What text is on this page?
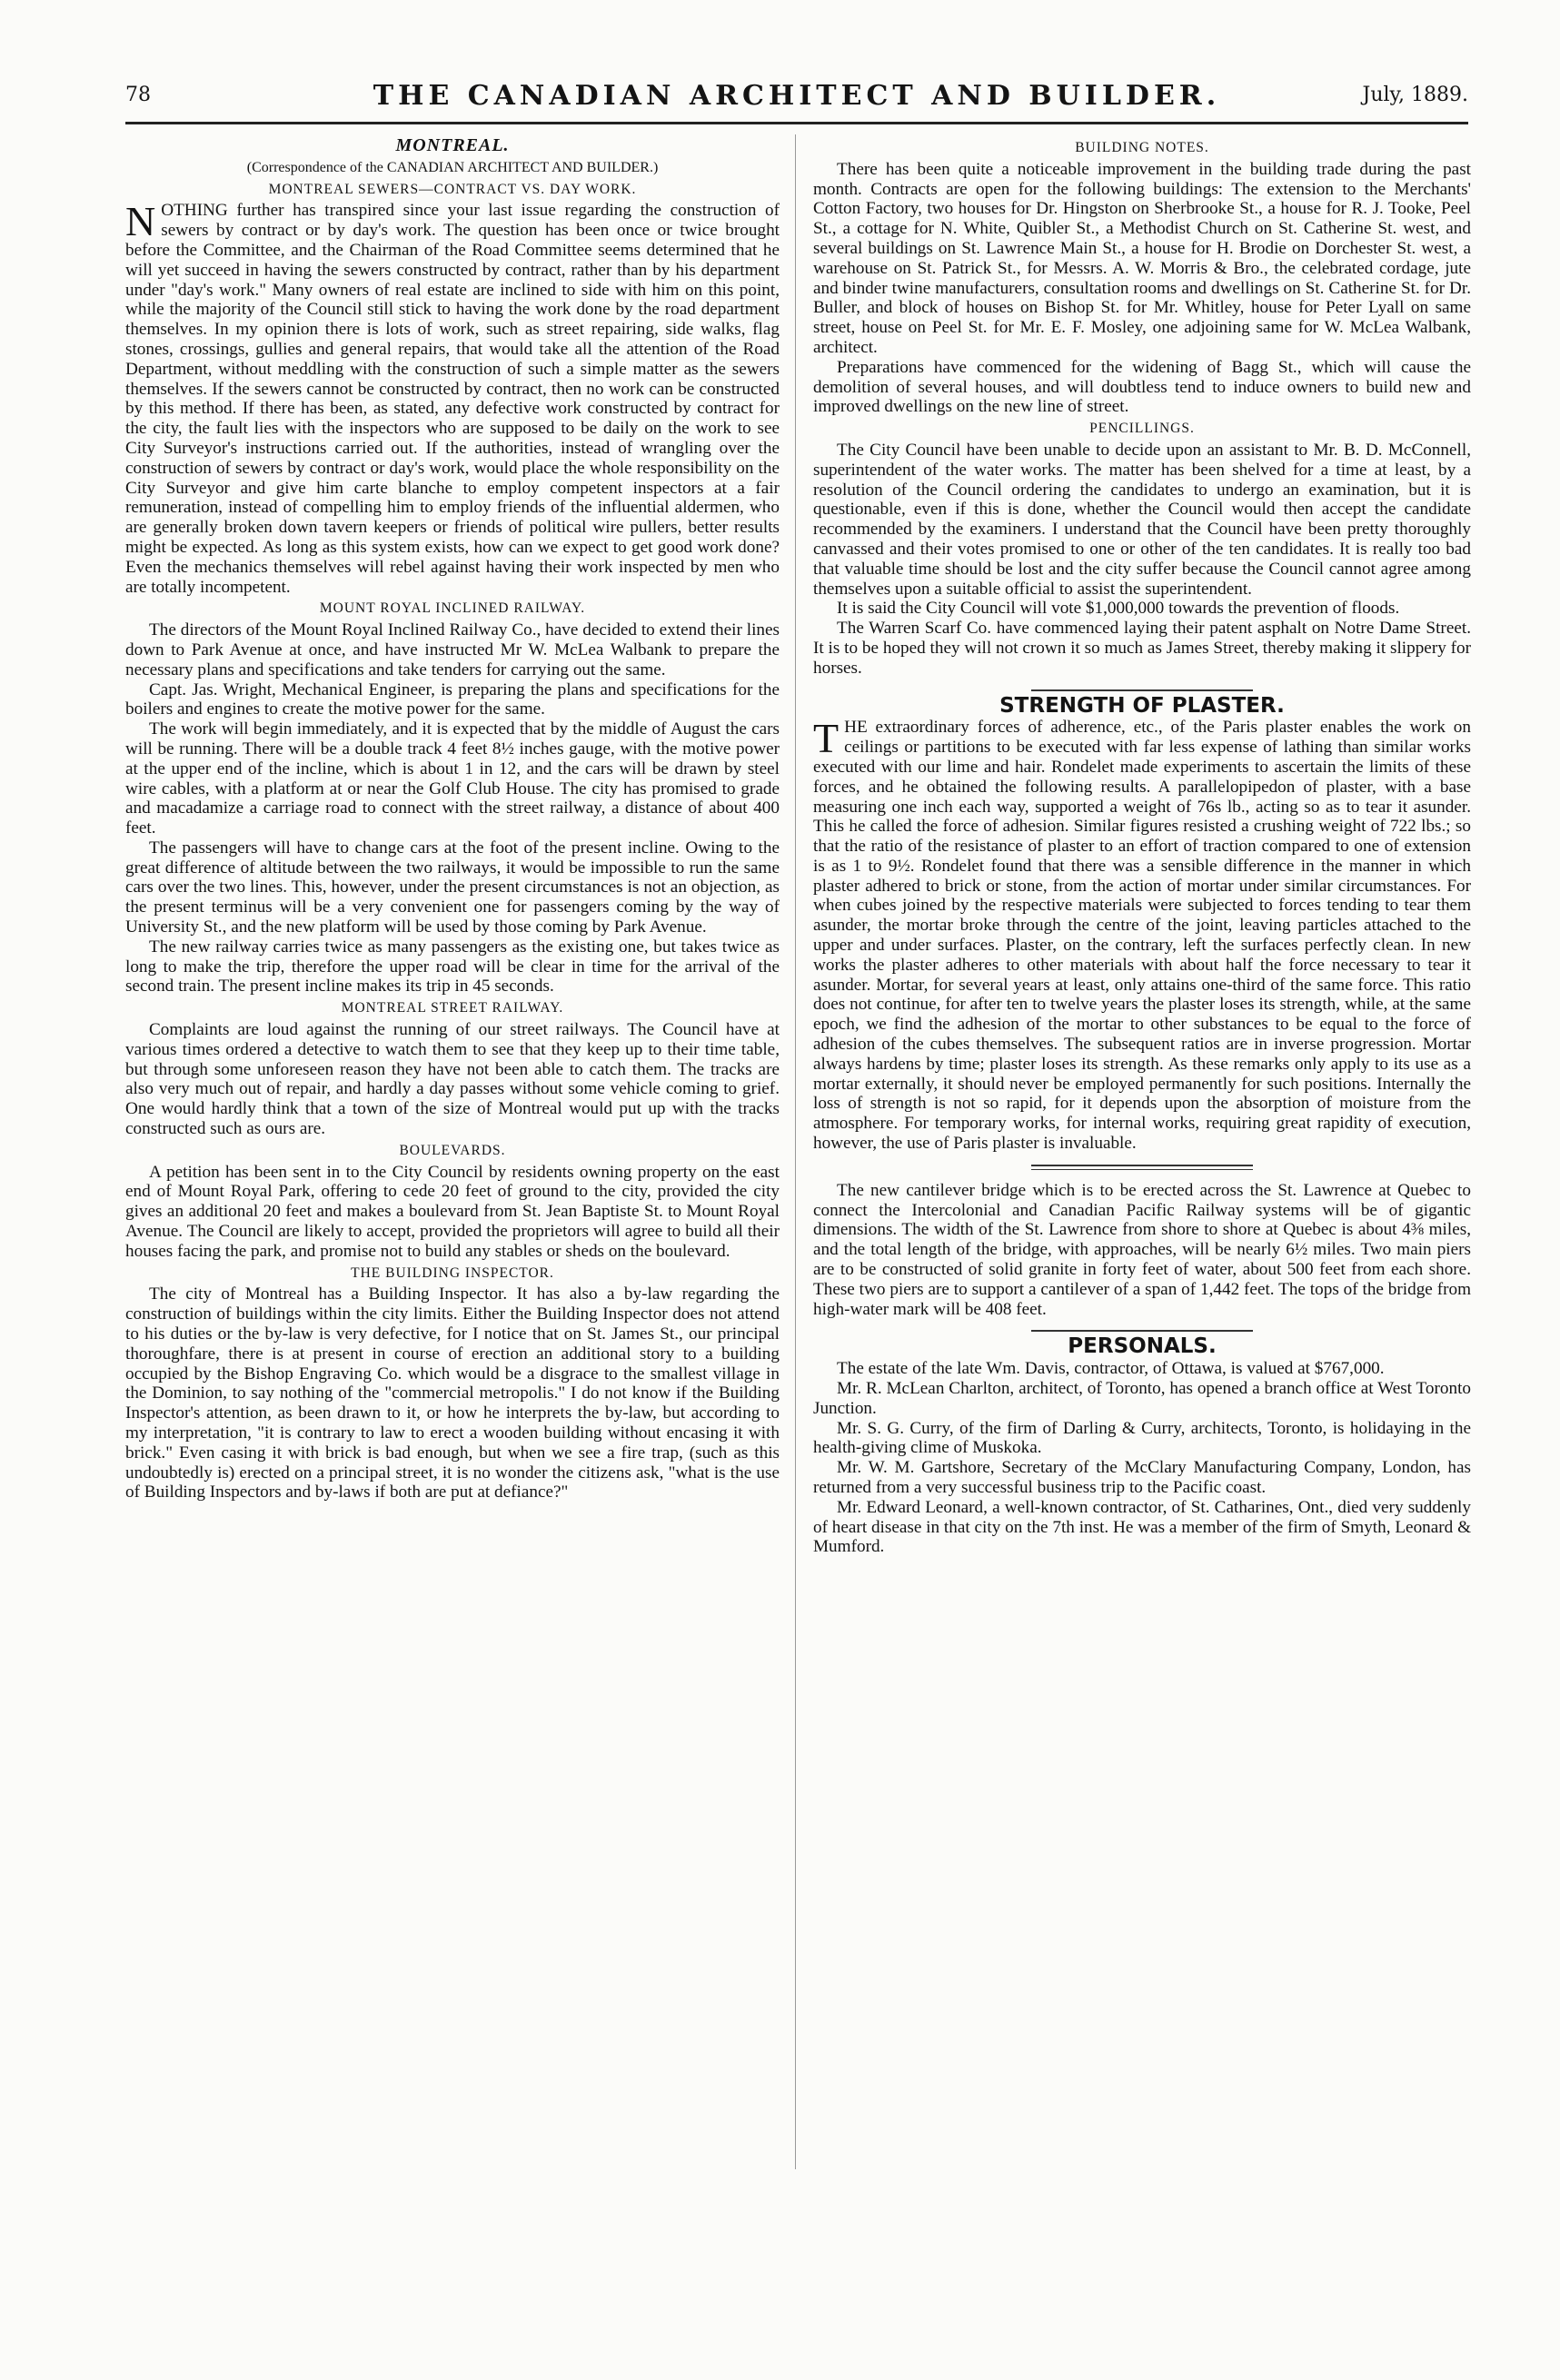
78	THE CANADIAN ARCHITECT AND BUILDER.	July, 1889.
MONTREAL.
(Correspondence of the CANADIAN ARCHITECT AND BUILDER.)
MONTREAL SEWERS—CONTRACT VS. DAY WORK.

NOTHING further has transpired since your last issue regarding the construction of sewers by contract or by day's work. The question has been once or twice brought before the Committee, and the Chairman of the Road Committee seems determined that he will yet succeed in having the sewers constructed by contract, rather than by his department under "day's work." Many owners of real estate are inclined to side with him on this point, while the majority of the Council still stick to having the work done by the road department themselves. In my opinion there is lots of work, such as street repairing, side walks, flag stones, crossings, gullies and general repairs, that would take all the attention of the Road Department, without meddling with the construction of such a simple matter as the sewers themselves. If the sewers cannot be constructed by contract, then no work can be constructed by this method. If there has been, as stated, any defective work constructed by contract for the city, the fault lies with the inspectors who are supposed to be daily on the work to see City Surveyor's instructions carried out. If the authorities, instead of wrangling over the construction of sewers by contract or day's work, would place the whole responsibility on the City Surveyor and give him carte blanche to employ competent inspectors at a fair remuneration, instead of compelling him to employ friends of the influential aldermen, who are generally broken down tavern keepers or friends of political wire pullers, better results might be expected. As long as this system exists, how can we expect to get good work done? Even the mechanics themselves will rebel against having their work inspected by men who are totally incompetent.

MOUNT ROYAL INCLINED RAILWAY.

The directors of the Mount Royal Inclined Railway Co., have decided to extend their lines down to Park Avenue at once, and have instructed Mr W. McLea Walbank to prepare the necessary plans and specifications and take tenders for carrying out the same.

Capt. Jas. Wright, Mechanical Engineer, is preparing the plans and specifications for the boilers and engines to create the motive power for the same.

The work will begin immediately, and it is expected that by the middle of August the cars will be running. There will be a double track 4 feet 8½ inches gauge, with the motive power at the upper end of the incline, which is about 1 in 12, and the cars will be drawn by steel wire cables, with a platform at or near the Golf Club House. The city has promised to grade and macadamize a carriage road to connect with the street railway, a distance of about 400 feet.

The passengers will have to change cars at the foot of the present incline. Owing to the great difference of altitude between the two railways, it would be impossible to run the same cars over the two lines. This, however, under the present circumstances is not an objection, as the present terminus will be a very convenient one for passengers coming by the way of University St., and the new platform will be used by those coming by Park Avenue.

The new railway carries twice as many passengers as the existing one, but takes twice as long to make the trip, therefore the upper road will be clear in time for the arrival of the second train. The present incline makes its trip in 45 seconds.

MONTREAL STREET RAILWAY.

Complaints are loud against the running of our street railways. The Council have at various times ordered a detective to watch them to see that they keep up to their time table, but through some unforeseen reason they have not been able to catch them. The tracks are also very much out of repair, and hardly a day passes without some vehicle coming to grief. One would hardly think that a town of the size of Montreal would put up with the tracks constructed such as ours are.

BOULEVARDS.

A petition has been sent in to the City Council by residents owning property on the east end of Mount Royal Park, offering to cede 20 feet of ground to the city, provided the city gives an additional 20 feet and makes a boulevard from St. Jean Baptiste St. to Mount Royal Avenue. The Council are likely to accept, provided the proprietors will agree to build all their houses facing the park, and promise not to build any stables or sheds on the boulevard.

THE BUILDING INSPECTOR.

The city of Montreal has a Building Inspector. It has also a by-law regarding the construction of buildings within the city limits. Either the Building Inspector does not attend to his duties or the by-law is very defective, for I notice that on St. James St., our principal thoroughfare, there is at present in course of erection an additional story to a building occupied by the Bishop Engraving Co. which would be a disgrace to the smallest village in the Dominion, to say nothing of the "commercial metropolis." I do not know if the Building Inspector's attention, as been drawn to it, or how he interprets the by-law, but according to my interpretation, "it is contrary to law to erect a wooden building without encasing it with brick." Even casing it with brick is bad enough, but when we see a fire trap, (such as this undoubtedly is) erected on a principal street, it is no wonder the citizens ask, "what is the use of Building Inspectors and by-laws if both are put at defiance?"

BUILDING NOTES.

There has been quite a noticeable improvement in the building trade during the past month. Contracts are open for the following buildings: The extension to the Merchants' Cotton Factory, two houses for Dr. Hingston on Sherbrooke St., a house for R. J. Tooke, Peel St., a cottage for N. White, Quibler St., a Methodist Church on St. Catherine St. west, and several buildings on St. Lawrence Main St., a house for H. Brodie on Dorchester St. west, a warehouse on St. Patrick St., for Messrs. A. W. Morris & Bro., the celebrated cordage, jute and binder twine manufacturers, consultation rooms and dwellings on St. Catherine St. for Dr. Buller, and block of houses on Bishop St. for Mr. Whitley, house for Peter Lyall on same street, house on Peel St. for Mr. E. F. Mosley, one adjoining same for W. McLea Walbank, architect.

Preparations have commenced for the widening of Bagg St., which will cause the demolition of several houses, and will doubtless tend to induce owners to build new and improved dwellings on the new line of street.

PENCILLINGS.

The City Council have been unable to decide upon an assistant to Mr. B. D. McConnell, superintendent of the water works. The matter has been shelved for a time at least, by a resolution of the Council ordering the candidates to undergo an examination, but it is questionable, even if this is done, whether the Council would then accept the candidate recommended by the examiners. I understand that the Council have been pretty thoroughly canvassed and their votes promised to one or other of the ten candidates. It is really too bad that valuable time should be lost and the city suffer because the Council cannot agree among themselves upon a suitable official to assist the superintendent.

It is said the City Council will vote $1,000,000 towards the prevention of floods.

The Warren Scarf Co. have commenced laying their patent asphalt on Notre Dame Street. It is to be hoped they will not crown it so much as James Street, thereby making it slippery for horses.

STRENGTH OF PLASTER.

THE extraordinary forces of adherence, etc., of the Paris plaster enables the work on ceilings or partitions to be executed with far less expense of lathing than similar works executed with our lime and hair. Rondelet made experiments to ascertain the limits of these forces, and he obtained the following results. A parallelopipedon of plaster, with a base measuring one inch each way, supported a weight of 76s lb., acting so as to tear it asunder. This he called the force of adhesion. Similar figures resisted a crushing weight of 722 lbs.; so that the ratio of the resistance of plaster to an effort of traction compared to one of extension is as 1 to 9½. Rondelet found that there was a sensible difference in the manner in which plaster adhered to brick or stone, from the action of mortar under similar circumstances. For when cubes joined by the respective materials were subjected to forces tending to tear them asunder, the mortar broke through the centre of the joint, leaving particles attached to the upper and under surfaces. Plaster, on the contrary, left the surfaces perfectly clean. In new works the plaster adheres to other materials with about half the force necessary to tear it asunder. Mortar, for several years at least, only attains one-third of the same force. This ratio does not continue, for after ten to twelve years the plaster loses its strength, while, at the same epoch, we find the adhesion of the mortar to other substances to be equal to the force of adhesion of the cubes themselves. The subsequent ratios are in inverse progression. Mortar always hardens by time; plaster loses its strength. As these remarks only apply to its use as a mortar externally, it should never be employed permanently for such positions. Internally the loss of strength is not so rapid, for it depends upon the absorption of moisture from the atmosphere. For temporary works, for internal works, requiring great rapidity of execution, however, the use of Paris plaster is invaluable.

The new cantilever bridge which is to be erected across the St. Lawrence at Quebec to connect the Intercolonial and Canadian Pacific Railway systems will be of gigantic dimensions. The width of the St. Lawrence from shore to shore at Quebec is about 4⅜ miles, and the total length of the bridge, with approaches, will be nearly 6½ miles. Two main piers are to be constructed of solid granite in forty feet of water, about 500 feet from each shore. These two piers are to support a cantilever of a span of 1,442 feet. The tops of the bridge from high-water mark will be 408 feet.

PERSONALS.

The estate of the late Wm. Davis, contractor, of Ottawa, is valued at $767,000.

Mr. R. McLean Charlton, architect, of Toronto, has opened a branch office at West Toronto Junction.

Mr. S. G. Curry, of the firm of Darling & Curry, architects, Toronto, is holidaying in the health-giving clime of Muskoka.

Mr. W. M. Gartshore, Secretary of the McClary Manufacturing Company, London, has returned from a very successful business trip to the Pacific coast.

Mr. Edward Leonard, a well-known contractor, of St. Catharines, Ont., died very suddenly of heart disease in that city on the 7th inst. He was a member of the firm of Smyth, Leonard & Mumford.
